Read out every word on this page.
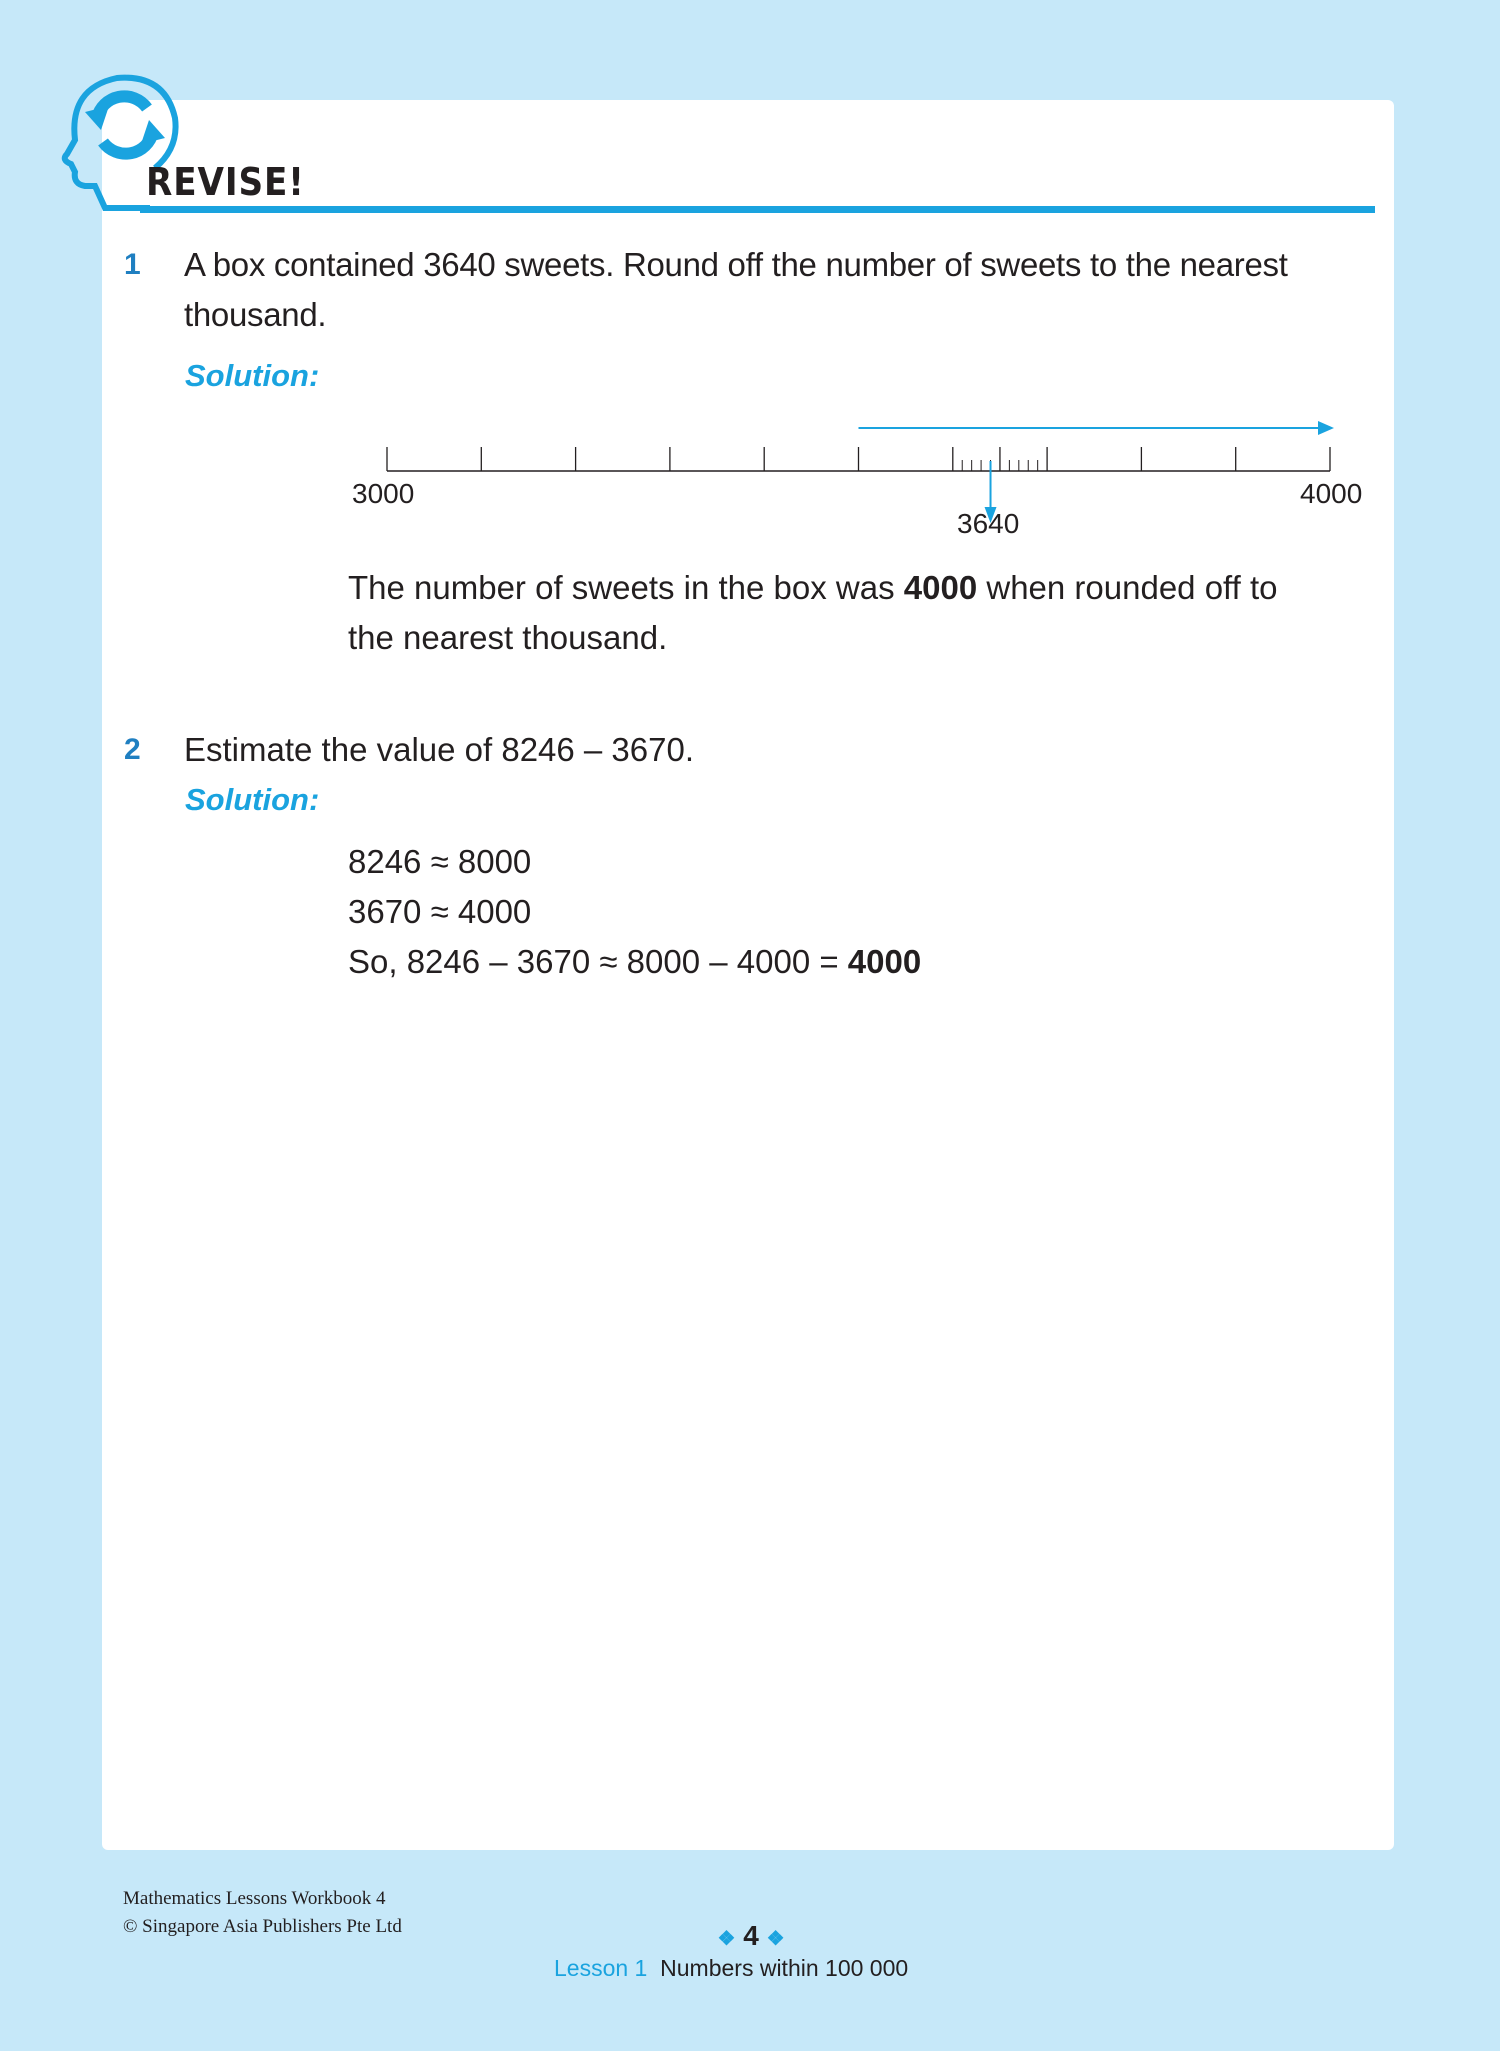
REVISE!
1 A box contained 3640 sweets. Round off the number of sweets to the nearest
thousand.
Solution:
3000	4000
3640
The number of sweets in the box was 4000 when rounded off to
the nearest thousand.
2 Estimate the value of 8246 – 3670.
Solution:
8246 ≈ 8000
3670 ≈ 4000
So, 8246 – 3670 ≈ 8000 – 4000 = 4000
Mathematics Lessons Workbook 4
© Singapore Asia Publishers Pte Ltd
❖ 4 ❖
Lesson 1 Numbers within 100 000
